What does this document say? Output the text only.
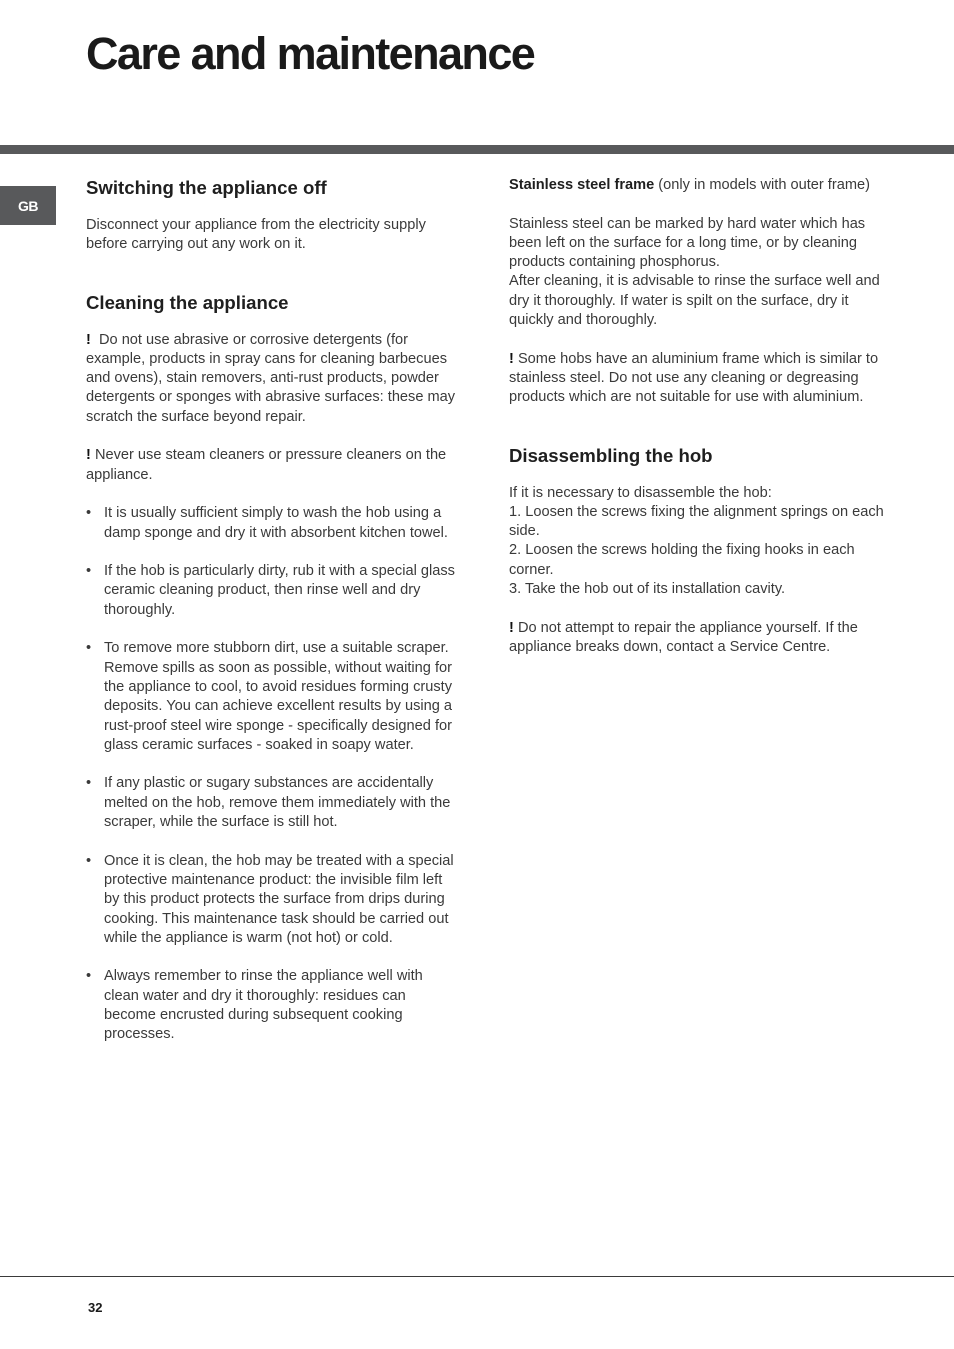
Care and maintenance
GB
Switching the appliance off

Disconnect your appliance from the electricity supply before carrying out any work on it.

Cleaning the appliance

! Do not use abrasive or corrosive detergents (for example, products in spray cans for cleaning barbecues and ovens), stain removers, anti-rust products, powder detergents or sponges with abrasive surfaces: these may scratch the surface beyond repair.

! Never use steam cleaners or pressure cleaners on the appliance.

• It is usually sufficient simply to wash the hob using a damp sponge and dry it with absorbent kitchen towel.
• If the hob is particularly dirty, rub it with a special glass ceramic cleaning product, then rinse well and dry thoroughly.
• To remove more stubborn dirt, use a suitable scraper. Remove spills as soon as possible, without waiting for the appliance to cool, to avoid residues forming crusty deposits. You can achieve excellent results by using a rust-proof steel wire sponge - specifically designed for glass ceramic surfaces - soaked in soapy water.
• If any plastic or sugary substances are accidentally melted on the hob, remove them immediately with the scraper, while the surface is still hot.
• Once it is clean, the hob may be treated with a special protective maintenance product: the invisible film left by this product protects the surface from drips during cooking. This maintenance task should be carried out while the appliance is warm (not hot) or cold.
• Always remember to rinse the appliance well with clean water and dry it thoroughly: residues can become encrusted during subsequent cooking processes.

Stainless steel frame (only in models with outer frame)

Stainless steel can be marked by hard water which has been left on the surface for a long time, or by cleaning products containing phosphorus.

After cleaning, it is advisable to rinse the surface well and dry it thoroughly. If water is spilt on the surface, dry it quickly and thoroughly.

! Some hobs have an aluminium frame which is similar to stainless steel. Do not use any cleaning or degreasing products which are not suitable for use with aluminium.

Disassembling the hob

If it is necessary to disassemble the hob:

1. Loosen the screws fixing the alignment springs on each side.

2. Loosen the screws holding the fixing hooks in each corner.

3. Take the hob out of its installation cavity.

! Do not attempt to repair the appliance yourself. If the appliance breaks down, contact a Service Centre.

32
